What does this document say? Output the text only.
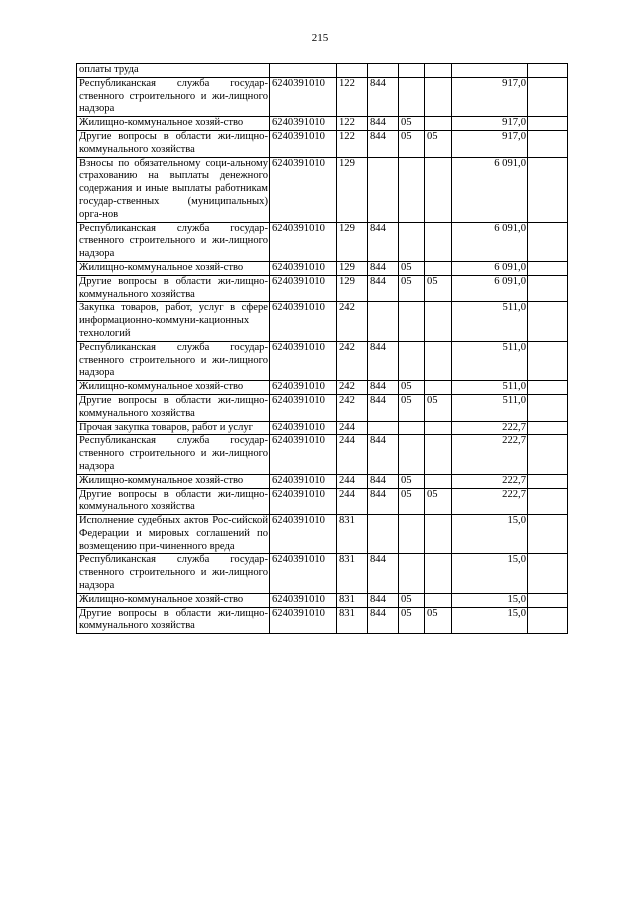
215
оплаты труда							
Республиканская служба государ-ственного строительного и жи-лищного надзора	6240391010	122	844			917,0	
Жилищно-коммунальное хозяй-ство	6240391010	122	844	05		917,0	
Другие вопросы в области жи-лищно-коммунального хозяйства	6240391010	122	844	05	05	917,0	
Взносы по обязательному соци-альному страхованию на выплаты денежного содержания и иные выплаты работникам государ-ственных (муниципальных) орга-нов	6240391010	129				6 091,0	
Республиканская служба государ-ственного строительного и жи-лищного надзора	6240391010	129	844			6 091,0	
Жилищно-коммунальное хозяй-ство	6240391010	129	844	05		6 091,0	
Другие вопросы в области жи-лищно-коммунального хозяйства	6240391010	129	844	05	05	6 091,0	
Закупка товаров, работ, услуг в сфере информационно-коммуни-кационных технологий	6240391010	242				511,0	
Республиканская служба государ-ственного строительного и жи-лищного надзора	6240391010	242	844			511,0	
Жилищно-коммунальное хозяй-ство	6240391010	242	844	05		511,0	
Другие вопросы в области жи-лищно-коммунального хозяйства	6240391010	242	844	05	05	511,0	
Прочая закупка товаров, работ и услуг	6240391010	244				222,7	
Республиканская служба государ-ственного строительного и жи-лищного надзора	6240391010	244	844			222,7	
Жилищно-коммунальное хозяй-ство	6240391010	244	844	05		222,7	
Другие вопросы в области жи-лищно-коммунального хозяйства	6240391010	244	844	05	05	222,7	
Исполнение судебных актов Рос-сийской Федерации и мировых соглашений по возмещению при-чиненного вреда	6240391010	831				15,0	
Республиканская служба государ-ственного строительного и жи-лищного надзора	6240391010	831	844			15,0	
Жилищно-коммунальное хозяй-ство	6240391010	831	844	05		15,0	
Другие вопросы в области жи-лищно-коммунального хозяйства	6240391010	831	844	05	05	15,0	
